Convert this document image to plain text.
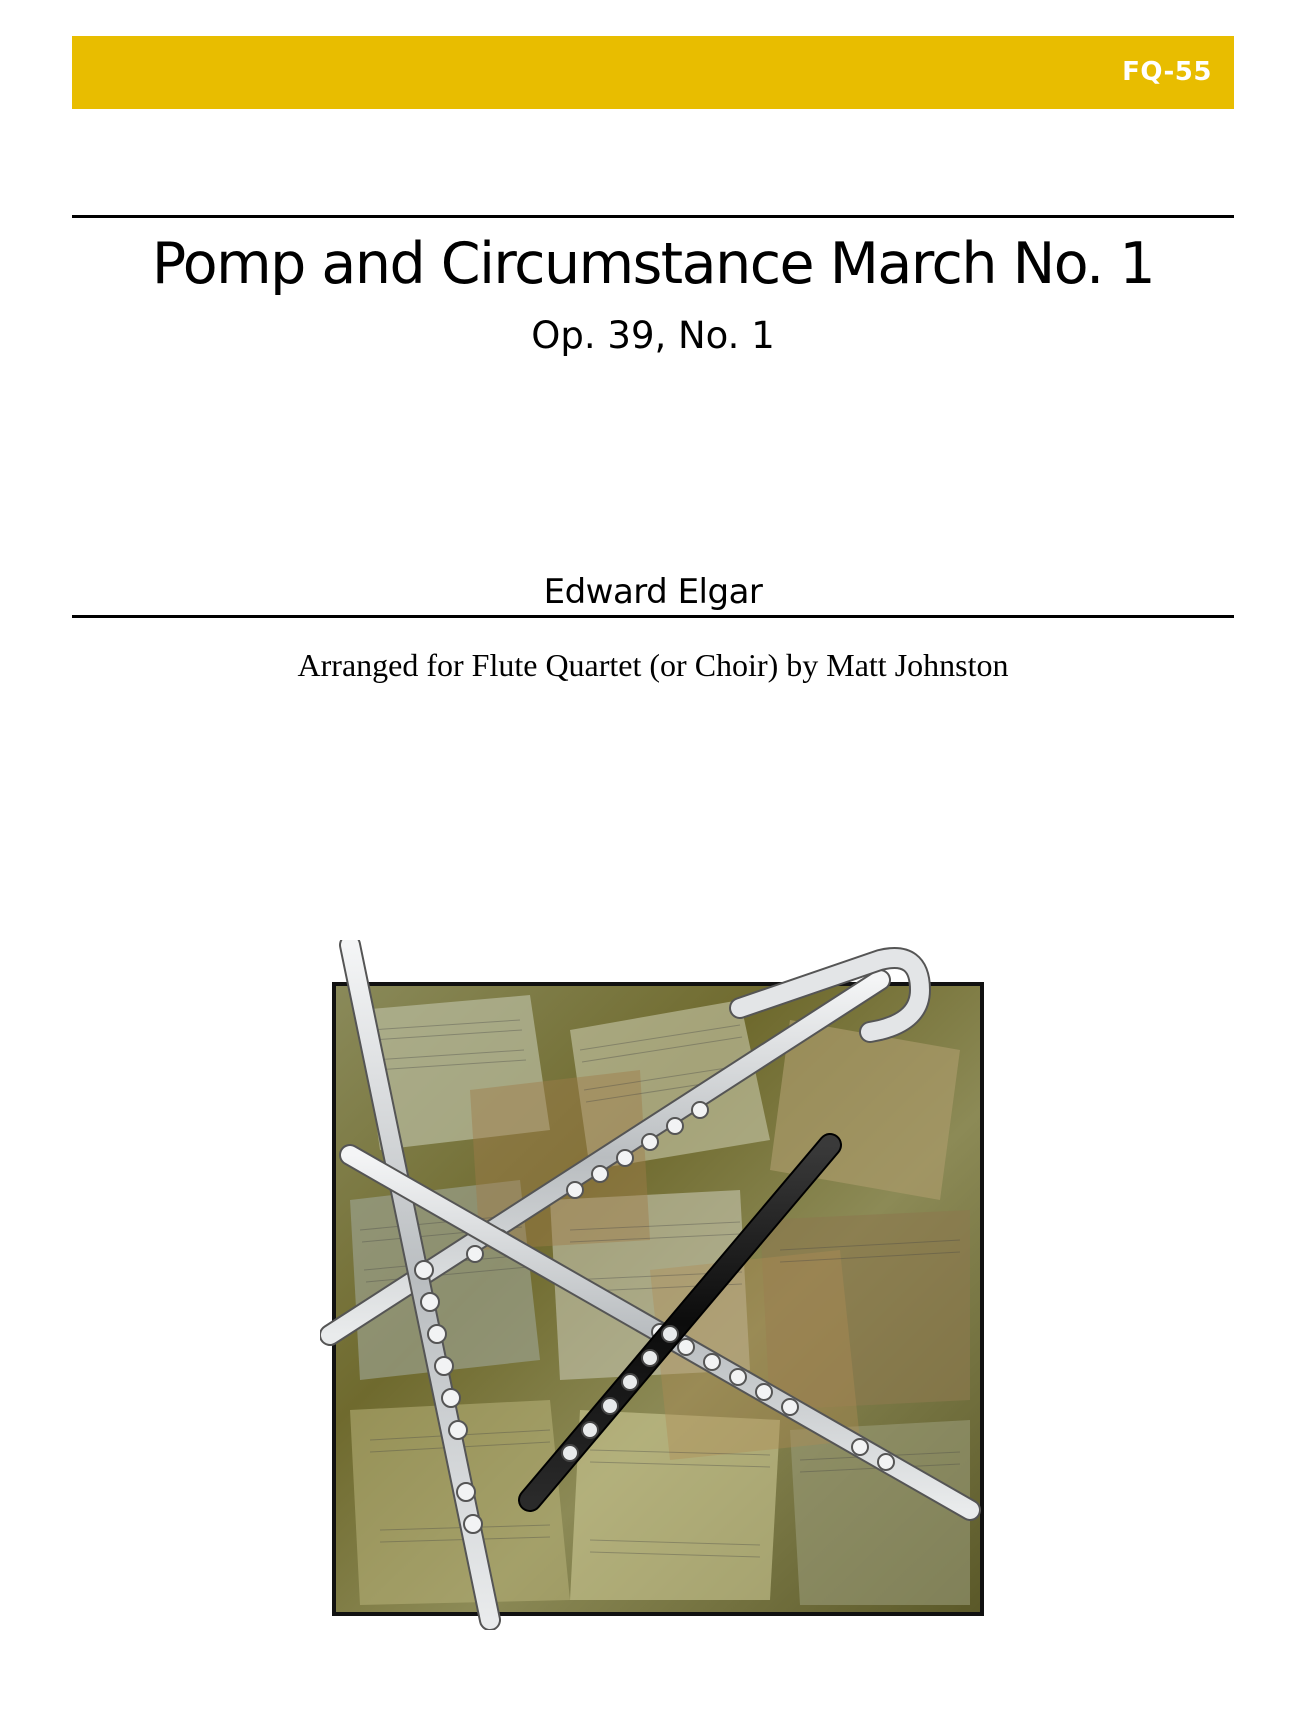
FQ-55
Pomp and Circumstance March No. 1
Op. 39, No. 1
Edward Elgar
Arranged for Flute Quartet (or Choir) by Matt Johnston
